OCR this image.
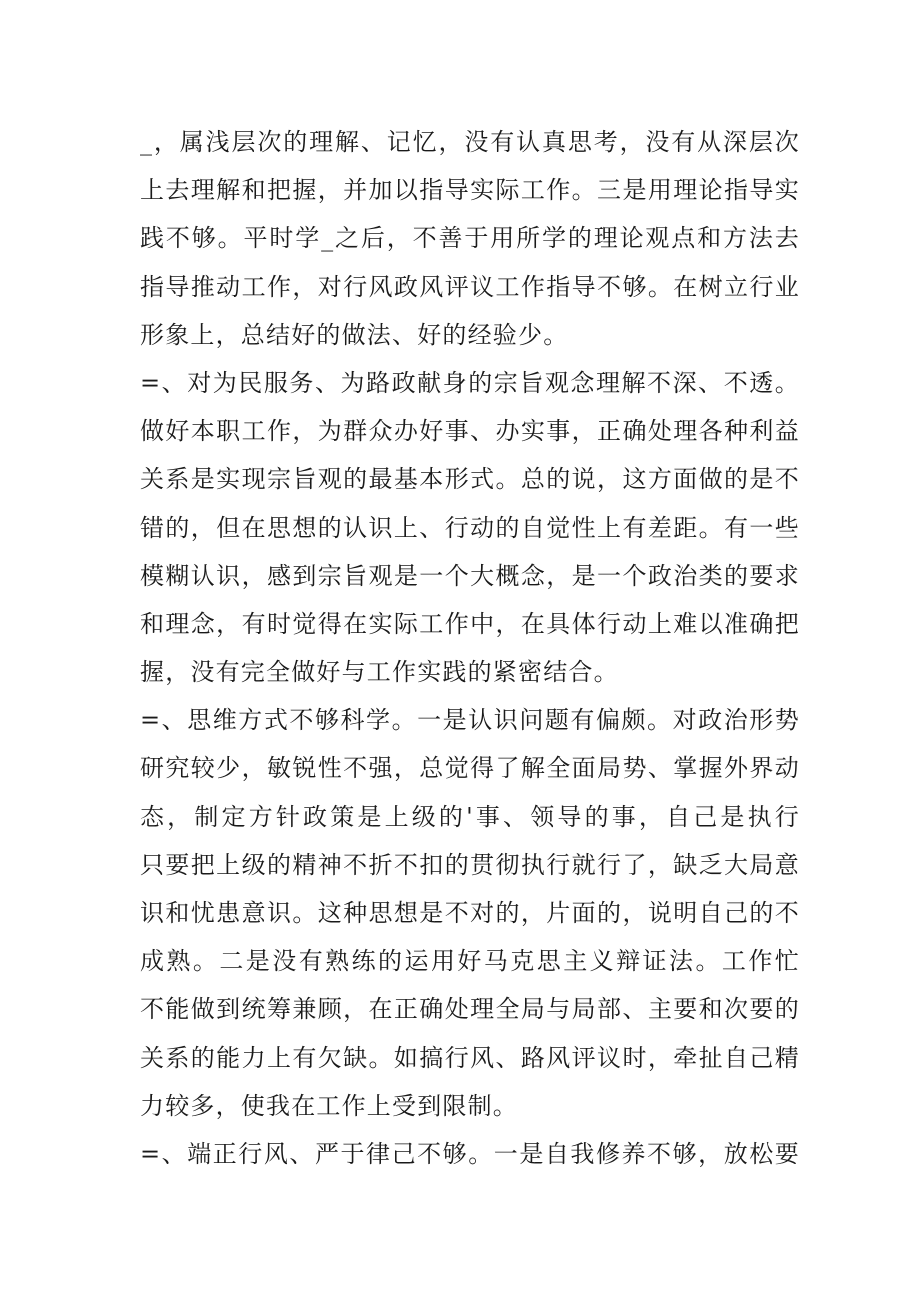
_，属浅层次的理解、记忆，没有认真思考，没有从深层次
上去理解和把握，并加以指导实际工作。三是用理论指导实
践不够。平时学_之后，不善于用所学的理论观点和方法去
指导推动工作，对行风政风评议工作指导不够。在树立行业
形象上，总结好的做法、好的经验少。
=、对为民服务、为路政献身的宗旨观念理解不深、不透。
做好本职工作，为群众办好事、办实事，正确处理各种利益
关系是实现宗旨观的最基本形式。总的说，这方面做的是不
错的，但在思想的认识上、行动的自觉性上有差距。有一些
模糊认识，感到宗旨观是一个大概念，是一个政治类的要求
和理念，有时觉得在实际工作中，在具体行动上难以准确把
握，没有完全做好与工作实践的紧密结合。
=、思维方式不够科学。一是认识问题有偏颇。对政治形势
研究较少，敏锐性不强，总觉得了解全面局势、掌握外界动
态，制定方针政策是上级的'事、领导的事，自己是执行
只要把上级的精神不折不扣的贯彻执行就行了，缺乏大局意
识和忧患意识。这种思想是不对的，片面的，说明自己的不
成熟。二是没有熟练的运用好马克思主义辩证法。工作忙
不能做到统筹兼顾，在正确处理全局与局部、主要和次要的
关系的能力上有欠缺。如搞行风、路风评议时，牵扯自己精
力较多，使我在工作上受到限制。
=、端正行风、严于律己不够。一是自我修养不够，放松要
